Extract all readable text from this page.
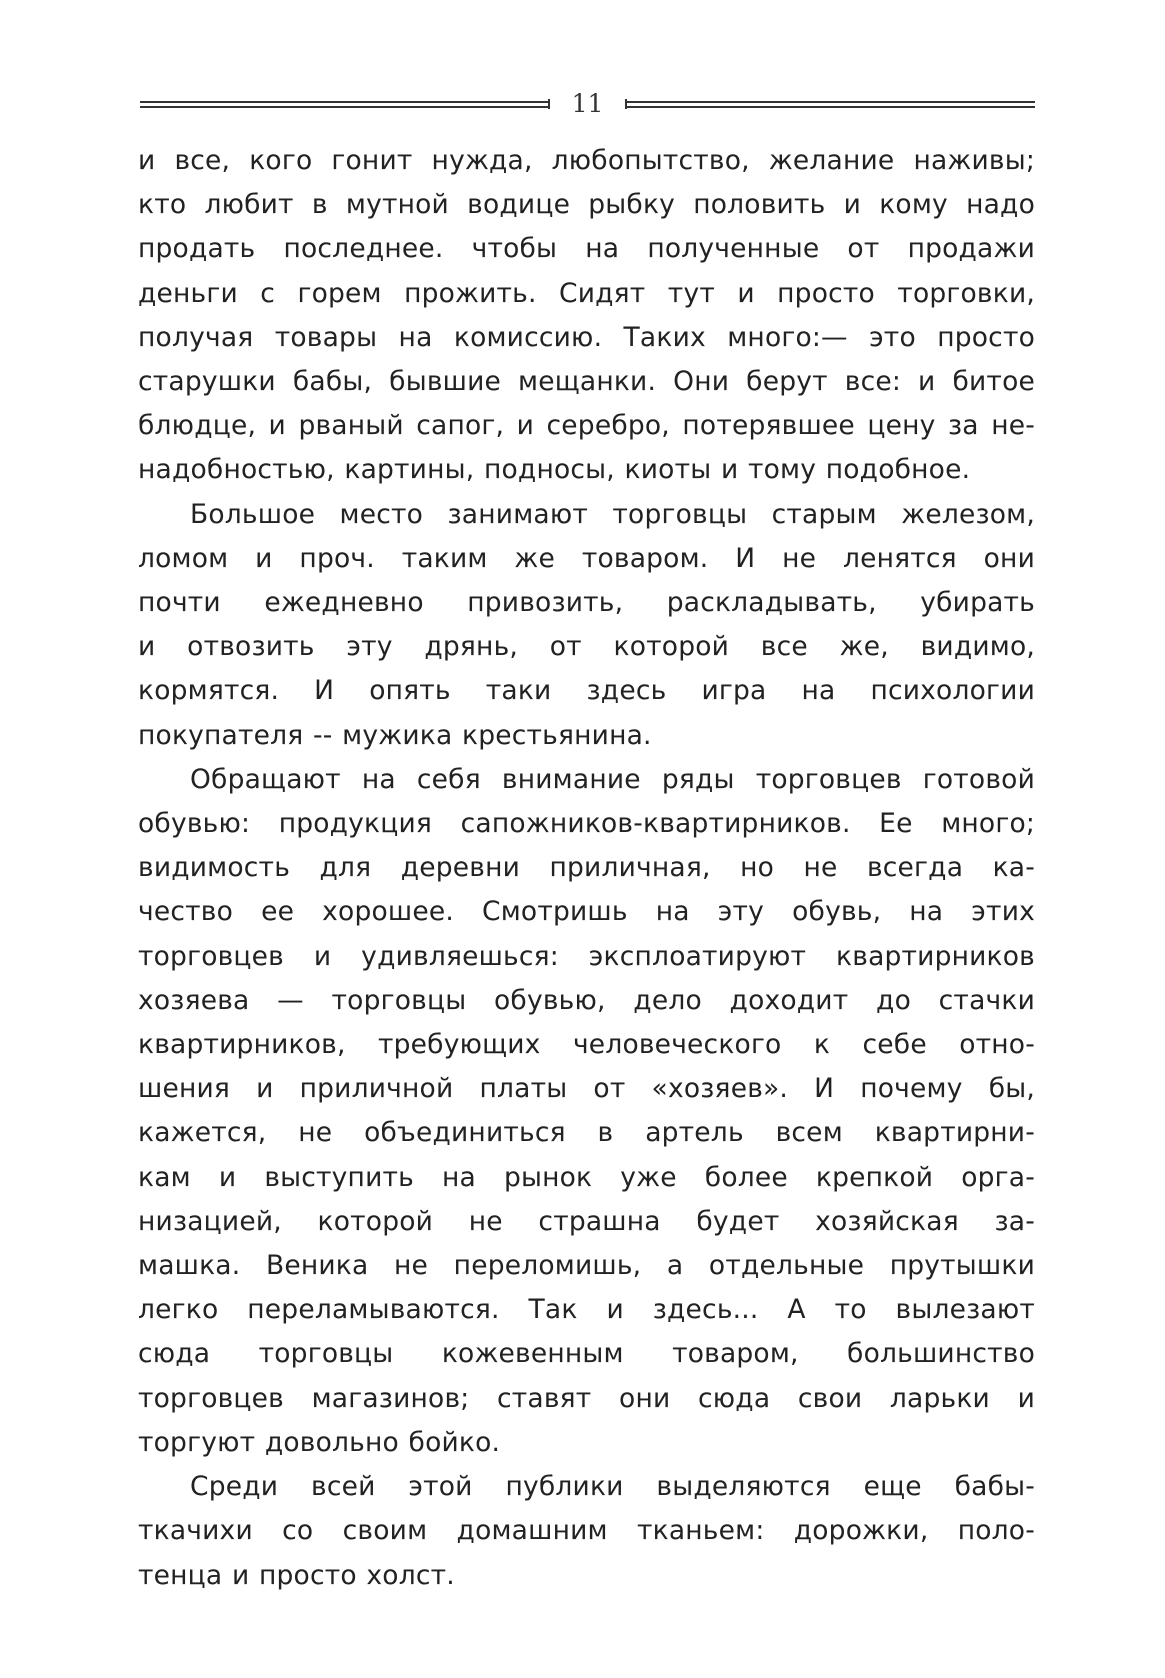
11
и все, кого гонит нужда, любопытство, желание наживы;
кто любит в мутной водице рыбку половить и кому надо
продать последнее. чтобы на полученные от продажи
деньги с горем прожить. Сидят тут и просто торговки,
получая товары на комиссию. Таких много:— это просто
старушки бабы, бывшие мещанки. Они берут все: и битое
блюдце, и рваный сапог, и серебро, потерявшее цену за не-
надобностью, картины, подносы, киоты и тому подобное.
Большое место занимают торговцы старым железом,
ломом и проч. таким же товаром. И не ленятся они
почти ежедневно привозить, раскладывать, убирать
и отвозить эту дрянь, от которой все же, видимо,
кормятся. И опять таки здесь игра на психологии
покупателя -- мужика крестьянина.
Обращают на себя внимание ряды торговцев готовой
обувью: продукция сапожников-квартирников. Ее много;
видимость для деревни приличная, но не всегда ка-
чество ее хорошее. Смотришь на эту обувь, на этих
торговцев и удивляешься: эксплоатируют квартирников
хозяева — торговцы обувью, дело доходит до стачки
квартирников, требующих человеческого к себе отно-
шения и приличной платы от «хозяев». И почему бы,
кажется, не объединиться в артель всем квартирни-
кам и выступить на рынок уже более крепкой орга-
низацией, которой не страшна будет хозяйская за-
машка. Веника не переломишь, а отдельные прутышки
легко переламываются. Так и здесь... А то вылезают
сюда торговцы кожевенным товаром, большинство
торговцев магазинов; ставят они сюда свои ларьки и
торгуют довольно бойко.
Среди всей этой публики выделяются еще бабы-
ткачихи со своим домашним тканьем: дорожки, поло-
тенца и просто холст.
